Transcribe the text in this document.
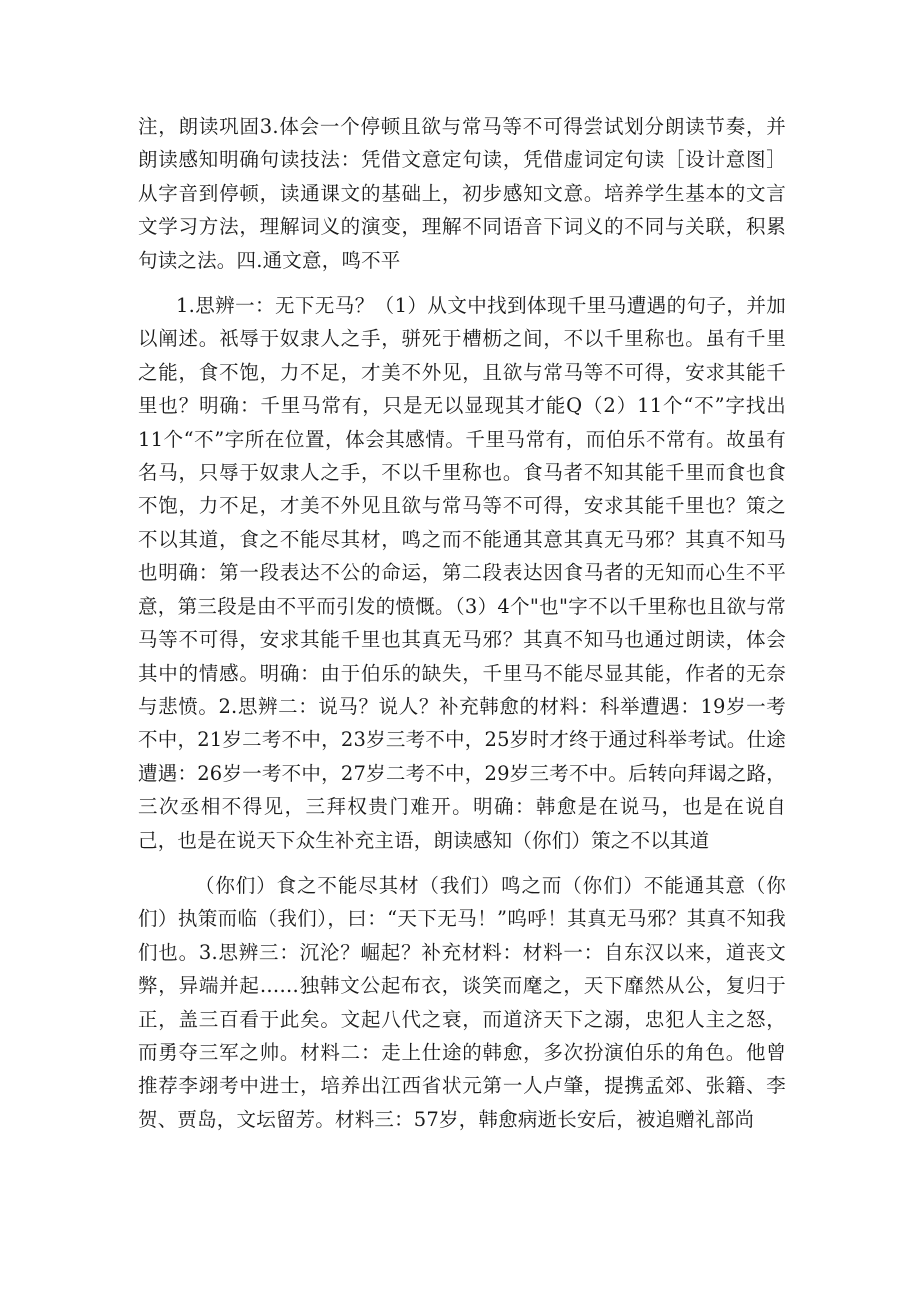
注，朗读巩固3.体会一个停顿且欲与常马等不可得尝试划分朗读节奏，并朗读感知明确句读技法：凭借文意定句读，凭借虚词定句读［设计意图］从字音到停顿，读通课文的基础上，初步感知文意。培养学生基本的文言文学习方法，理解词义的演变，理解不同语音下词义的不同与关联，积累句读之法。四.通文意，鸣不平

1.思辨一：无下无马？（1）从文中找到体现千里马遭遇的句子，并加以阐述。祇辱于奴隶人之手，骈死于槽枥之间，不以千里称也。虽有千里之能，食不饱，力不足，才美不外见，且欲与常马等不可得，安求其能千里也？明确：千里马常有，只是无以显现其才能Q（2）11个“不”字找出11个“不”字所在位置，体会其感情。千里马常有，而伯乐不常有。故虽有名马，只辱于奴隶人之手，不以千里称也。食马者不知其能千里而食也食不饱，力不足，才美不外见且欲与常马等不可得，安求其能千里也？策之不以其道，食之不能尽其材，鸣之而不能通其意其真无马邪？其真不知马也明确：第一段表达不公的命运，第二段表达因食马者的无知而心生不平意，第三段是由不平而引发的愤慨。（3）4个"也"字不以千里称也且欲与常马等不可得，安求其能千里也其真无马邪？其真不知马也通过朗读，体会其中的情感。明确：由于伯乐的缺失，千里马不能尽显其能，作者的无奈与悲愤。2.思辨二：说马？说人？补充韩愈的材料：科举遭遇：19岁一考不中，21岁二考不中，23岁三考不中，25岁时才终于通过科举考试。仕途遭遇：26岁一考不中，27岁二考不中，29岁三考不中。后转向拜谒之路，三次丞相不得见，三拜权贵门难开。明确：韩愈是在说马，也是在说自己，也是在说天下众生补充主语，朗读感知（你们）策之不以其道

（你们）食之不能尽其材（我们）鸣之而（你们）不能通其意（你们）执策而临（我们），曰：“天下无马！”呜呼！其真无马邪？其真不知我们也。3.思辨三：沉沦？崛起？补充材料：材料一：自东汉以来，道丧文弊，异端并起……独韩文公起布衣，谈笑而麾之，天下靡然从公，复归于正，盖三百看于此矣。文起八代之衰，而道济天下之溺，忠犯人主之怒，而勇夺三军之帅。材料二：走上仕途的韩愈，多次扮演伯乐的角色。他曾推荐李翊考中进士，培养出江西省状元第一人卢肇，提携孟郊、张籍、李贺、贾岛，文坛留芳。材料三：57岁，韩愈病逝长安后，被追赠礼部尚
